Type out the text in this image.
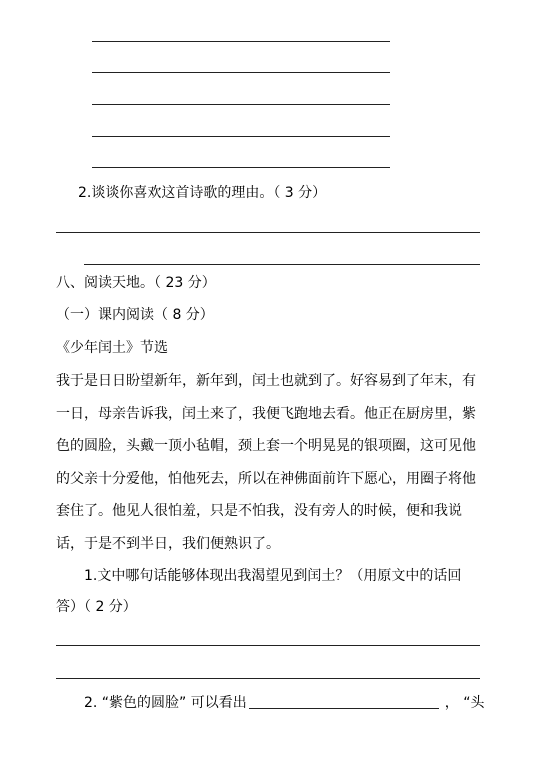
2.谈谈你喜欢这首诗歌的理由。（ 3 分）
八、阅读天地。（ 23 分）
（一）课内阅读（ 8 分）
《少年闰土》节选
我于是日日盼望新年，新年到，闰土也就到了。好容易到了年末，有
一日，母亲告诉我，闰土来了，我便飞跑地去看。他正在厨房里，紫
色的圆脸，头戴一顶小毡帽，颈上套一个明晃晃的银项圈，这可见他
的父亲十分爱他，怕他死去，所以在神佛面前许下愿心，用圈子将他
套住了。他见人很怕羞，只是不怕我，没有旁人的时候，便和我说
话，于是不到半日，我们便熟识了。
1.文中哪句话能够体现出我渴望见到闰土？（用原文中的话回
答）（ 2 分）
2. “紫色的圆脸” 可以看出	， “头
